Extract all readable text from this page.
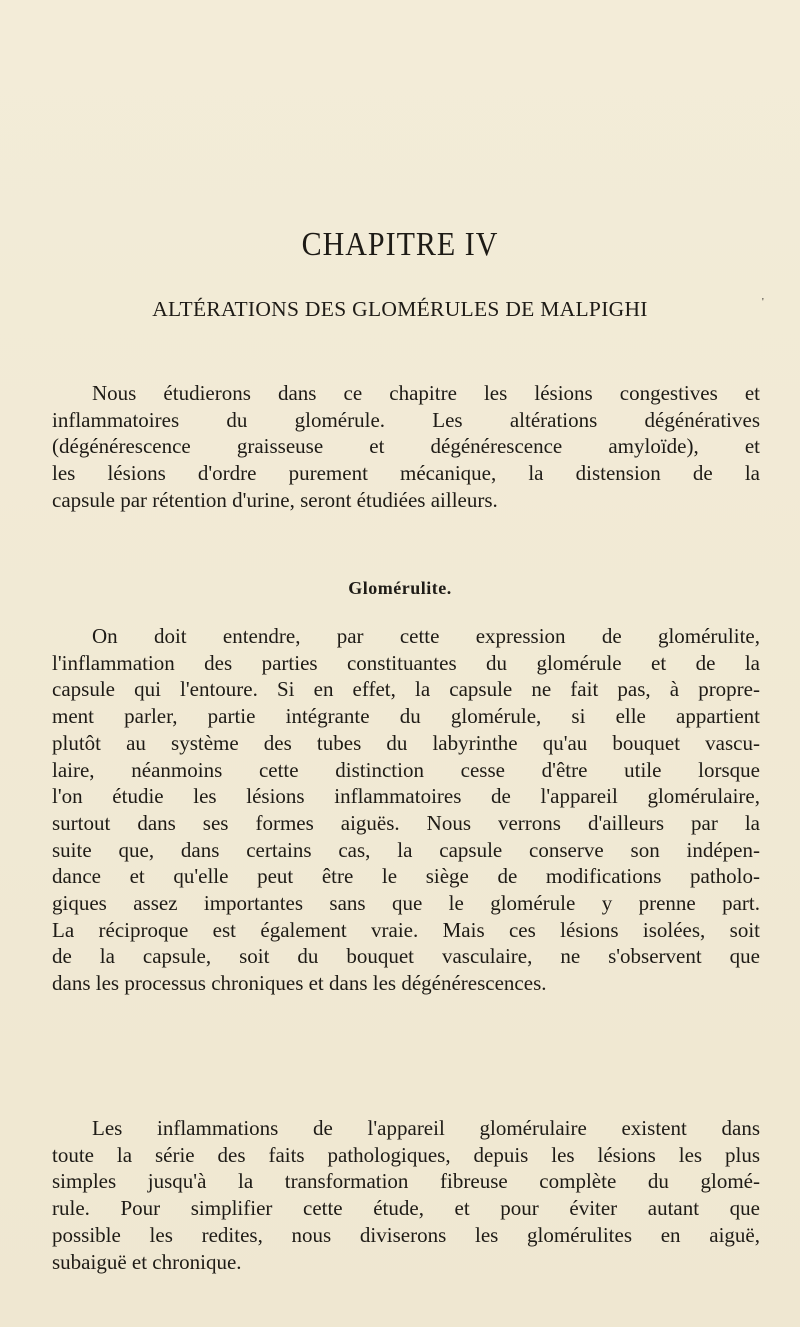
CHAPITRE IV
ALTÉRATIONS DES GLOMÉRULES DE MALPIGHI	'
Nous étudierons dans ce chapitre les lésions congestives et
inflammatoires du glomérule. Les altérations dégénératives
(dégénérescence graisseuse et dégénérescence amyloïde), et
les lésions d'ordre purement mécanique, la distension de la
capsule par rétention d'urine, seront étudiées ailleurs.
Glomérulite.
On doit entendre, par cette expression de glomérulite,
l'inflammation des parties constituantes du glomérule et de la
capsule qui l'entoure. Si en effet, la capsule ne fait pas, à propre-
ment parler, partie intégrante du glomérule, si elle appartient
plutôt au système des tubes du labyrinthe qu'au bouquet vascu-
laire, néanmoins cette distinction cesse d'être utile lorsque
l'on étudie les lésions inflammatoires de l'appareil glomérulaire,
surtout dans ses formes aiguës. Nous verrons d'ailleurs par la
suite que, dans certains cas, la capsule conserve son indépen-
dance et qu'elle peut être le siège de modifications patholo-
giques assez importantes sans que le glomérule y prenne part.
La réciproque est également vraie. Mais ces lésions isolées, soit
de la capsule, soit du bouquet vasculaire, ne s'observent que
dans les processus chroniques et dans les dégénérescences.
Les inflammations de l'appareil glomérulaire existent dans
toute la série des faits pathologiques, depuis les lésions les plus
simples jusqu'à la transformation fibreuse complète du glomé-
rule. Pour simplifier cette étude, et pour éviter autant que
possible les redites, nous diviserons les glomérulites en aiguë,
subaiguë et chronique.
